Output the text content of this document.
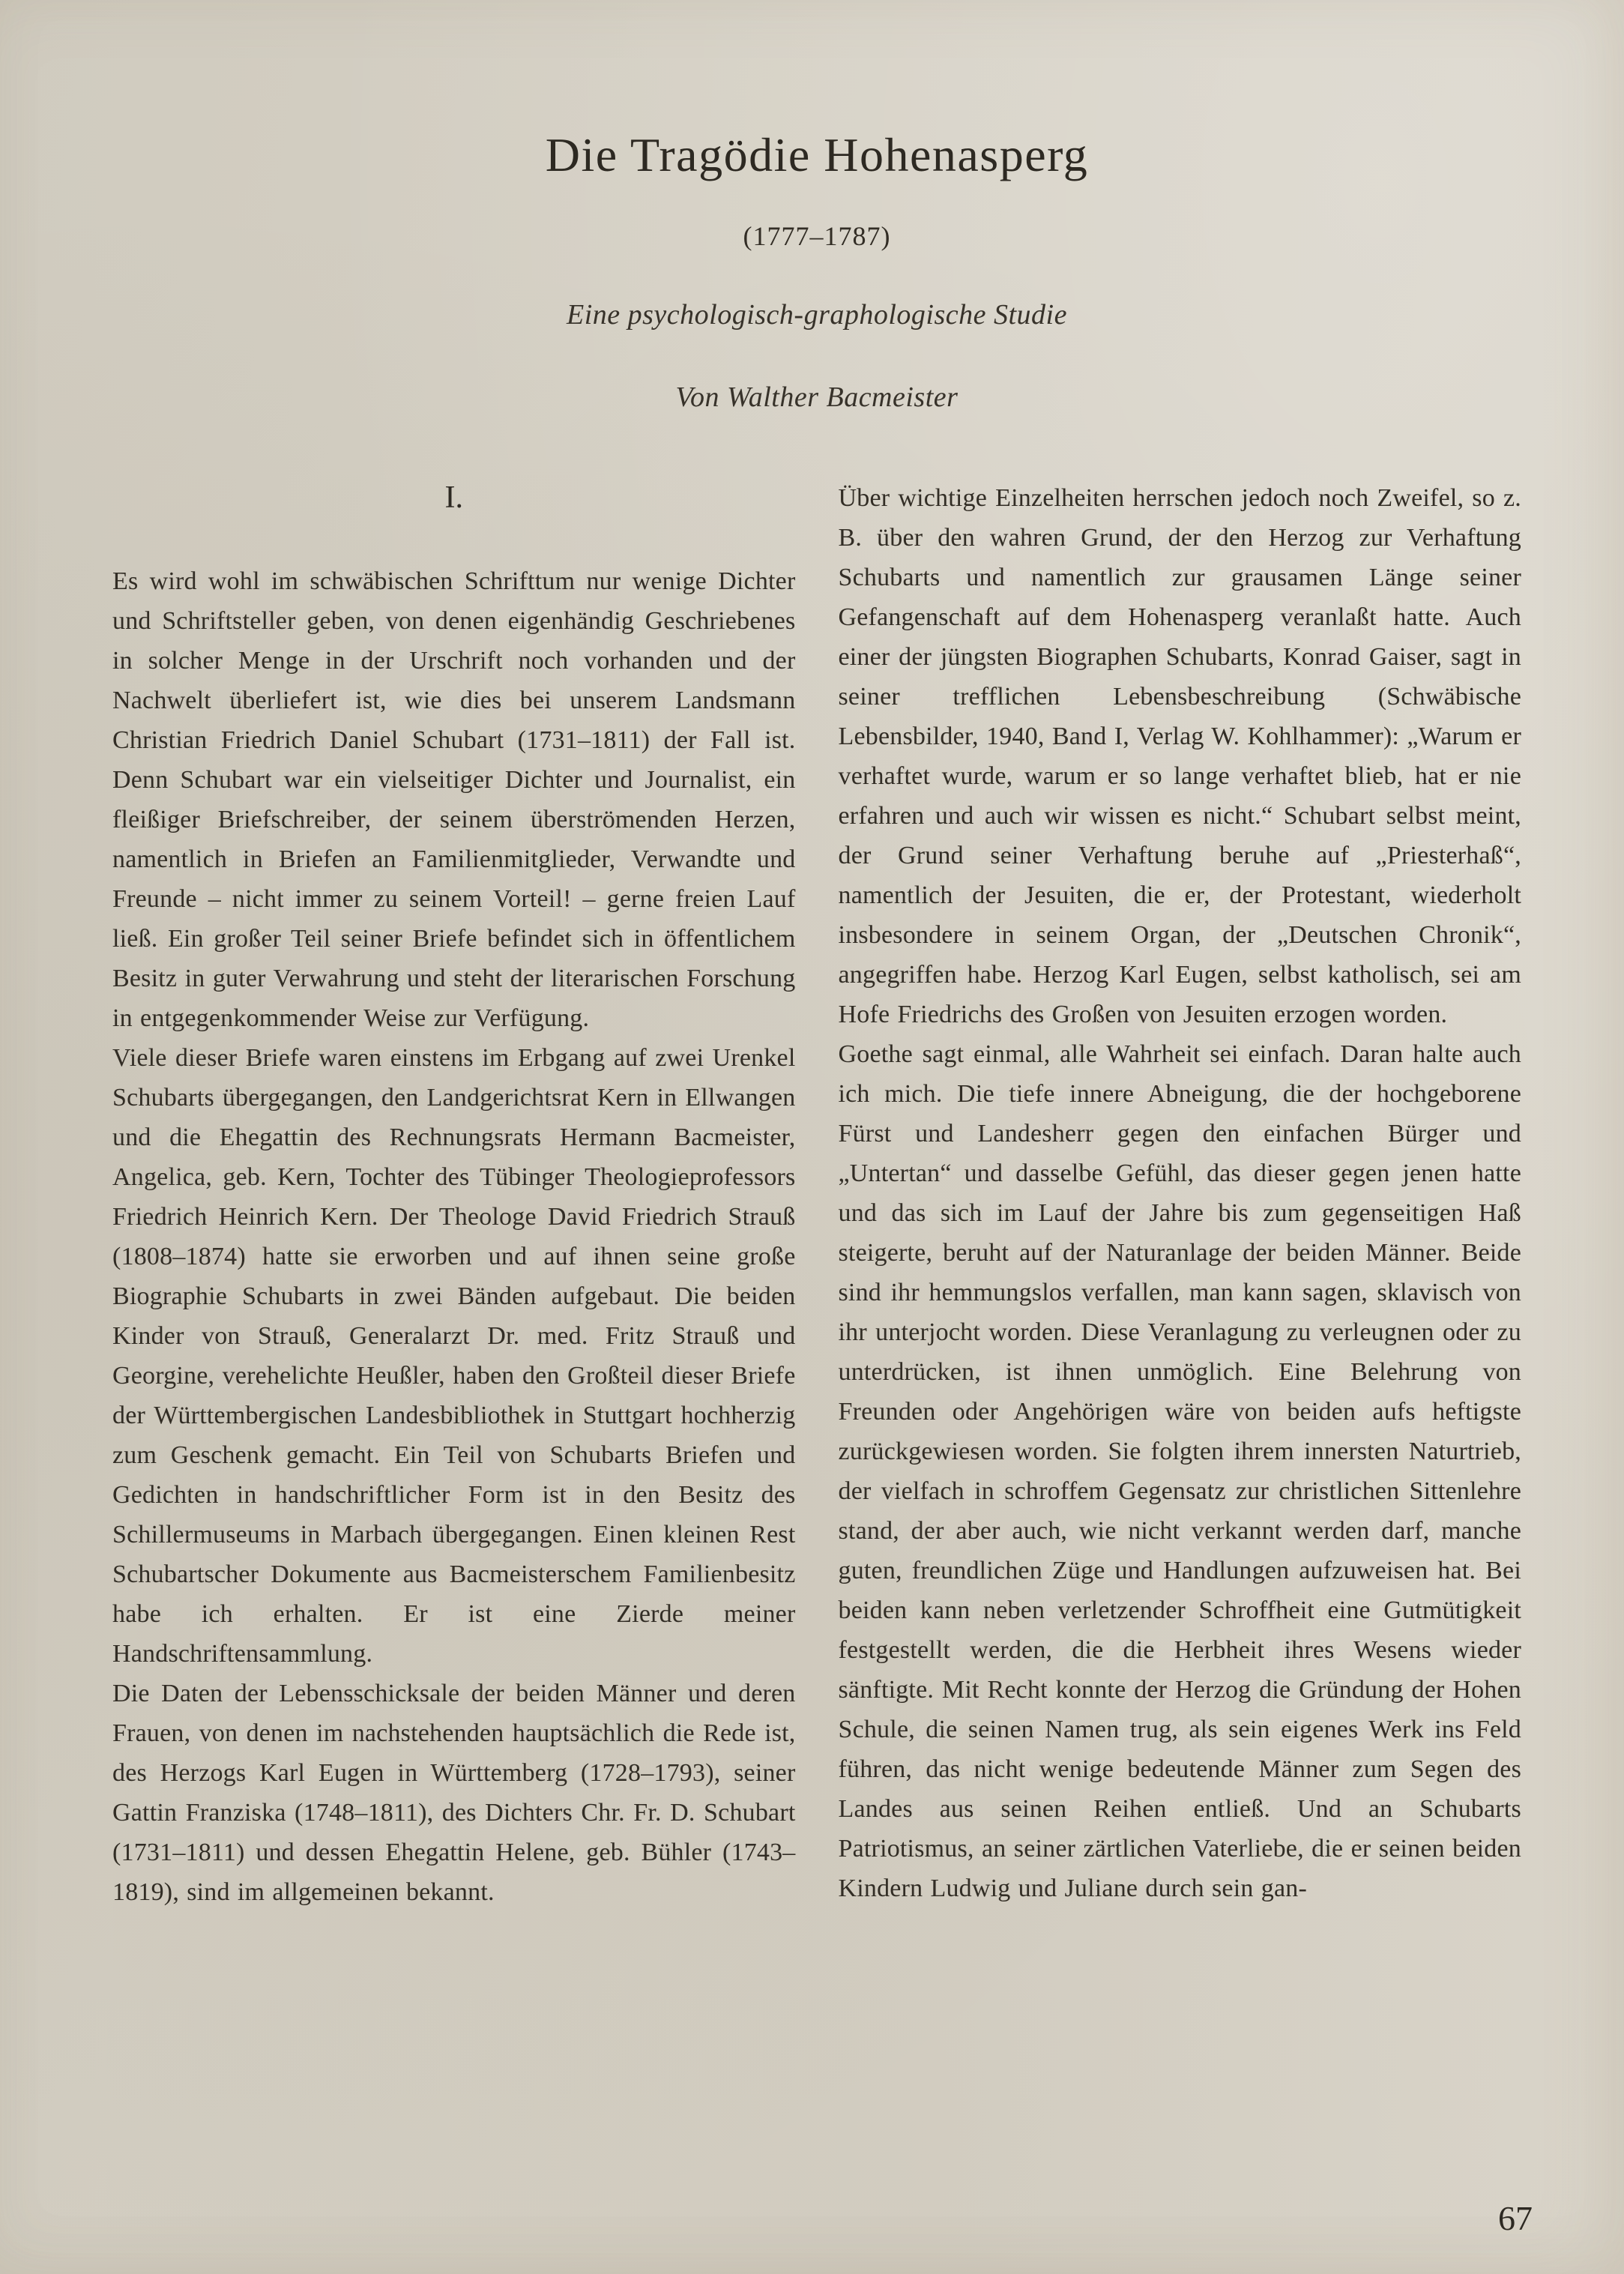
Die Tragödie Hohenasperg
(1777–1787)
Eine psychologisch-graphologische Studie
Von Walther Bacmeister
I.

Es wird wohl im schwäbischen Schrifttum nur wenige Dichter und Schriftsteller geben, von denen eigenhändig Geschriebenes in solcher Menge in der Urschrift noch vorhanden und der Nachwelt überliefert ist, wie dies bei unserem Landsmann Christian Friedrich Daniel Schubart (1731–1811) der Fall ist. Denn Schubart war ein vielseitiger Dichter und Journalist, ein fleißiger Briefschreiber, der seinem überströmenden Herzen, namentlich in Briefen an Familienmitglieder, Verwandte und Freunde – nicht immer zu seinem Vorteil! – gerne freien Lauf ließ. Ein großer Teil seiner Briefe befindet sich in öffentlichem Besitz in guter Verwahrung und steht der literarischen Forschung in entgegenkommender Weise zur Verfügung.

Viele dieser Briefe waren einstens im Erbgang auf zwei Urenkel Schubarts übergegangen, den Landgerichtsrat Kern in Ellwangen und die Ehegattin des Rechnungsrats Hermann Bacmeister, Angelica, geb. Kern, Tochter des Tübinger Theologieprofessors Friedrich Heinrich Kern. Der Theologe David Friedrich Strauß (1808–1874) hatte sie erworben und auf ihnen seine große Biographie Schubarts in zwei Bänden aufgebaut. Die beiden Kinder von Strauß, Generalarzt Dr. med. Fritz Strauß und Georgine, verehelichte Heußler, haben den Großteil dieser Briefe der Württembergischen Landesbibliothek in Stuttgart hochherzig zum Geschenk gemacht. Ein Teil von Schubarts Briefen und Gedichten in handschriftlicher Form ist in den Besitz des Schillermuseums in Marbach übergegangen. Einen kleinen Rest Schubartscher Dokumente aus Bacmeisterschem Familienbesitz habe ich erhalten. Er ist eine Zierde meiner Handschriftensammlung.

Die Daten der Lebensschicksale der beiden Männer und deren Frauen, von denen im nachstehenden hauptsächlich die Rede ist, des Herzogs Karl Eugen in Württemberg (1728–1793), seiner Gattin Franziska (1748–1811), des Dichters Chr. Fr. D. Schubart (1731–1811) und dessen Ehegattin Helene, geb. Bühler (1743–1819), sind im allgemeinen bekannt.

Über wichtige Einzelheiten herrschen jedoch noch Zweifel, so z. B. über den wahren Grund, der den Herzog zur Verhaftung Schubarts und namentlich zur grausamen Länge seiner Gefangenschaft auf dem Hohenasperg veranlaßt hatte. Auch einer der jüngsten Biographen Schubarts, Konrad Gaiser, sagt in seiner trefflichen Lebensbeschreibung (Schwäbische Lebensbilder, 1940, Band I, Verlag W. Kohlhammer): „Warum er verhaftet wurde, warum er so lange verhaftet blieb, hat er nie erfahren und auch wir wissen es nicht.“ Schubart selbst meint, der Grund seiner Verhaftung beruhe auf „Priesterhaß“, namentlich der Jesuiten, die er, der Protestant, wiederholt insbesondere in seinem Organ, der „Deutschen Chronik“, angegriffen habe. Herzog Karl Eugen, selbst katholisch, sei am Hofe Friedrichs des Großen von Jesuiten erzogen worden.

Goethe sagt einmal, alle Wahrheit sei einfach. Daran halte auch ich mich. Die tiefe innere Abneigung, die der hochgeborene Fürst und Landesherr gegen den einfachen Bürger und „Untertan“ und dasselbe Gefühl, das dieser gegen jenen hatte und das sich im Lauf der Jahre bis zum gegenseitigen Haß steigerte, beruht auf der Naturanlage der beiden Männer. Beide sind ihr hemmungslos verfallen, man kann sagen, sklavisch von ihr unterjocht worden. Diese Veranlagung zu verleugnen oder zu unterdrücken, ist ihnen unmöglich. Eine Belehrung von Freunden oder Angehörigen wäre von beiden aufs heftigste zurückgewiesen worden. Sie folgten ihrem innersten Naturtrieb, der vielfach in schroffem Gegensatz zur christlichen Sittenlehre stand, der aber auch, wie nicht verkannt werden darf, manche guten, freundlichen Züge und Handlungen aufzuweisen hat. Bei beiden kann neben verletzender Schroffheit eine Gutmütigkeit festgestellt werden, die die Herbheit ihres Wesens wieder sänftigte. Mit Recht konnte der Herzog die Gründung der Hohen Schule, die seinen Namen trug, als sein eigenes Werk ins Feld führen, das nicht wenige bedeutende Männer zum Segen des Landes aus seinen Reihen entließ. Und an Schubarts Patriotismus, an seiner zärtlichen Vaterliebe, die er seinen beiden Kindern Ludwig und Juliane durch sein gan-

67
